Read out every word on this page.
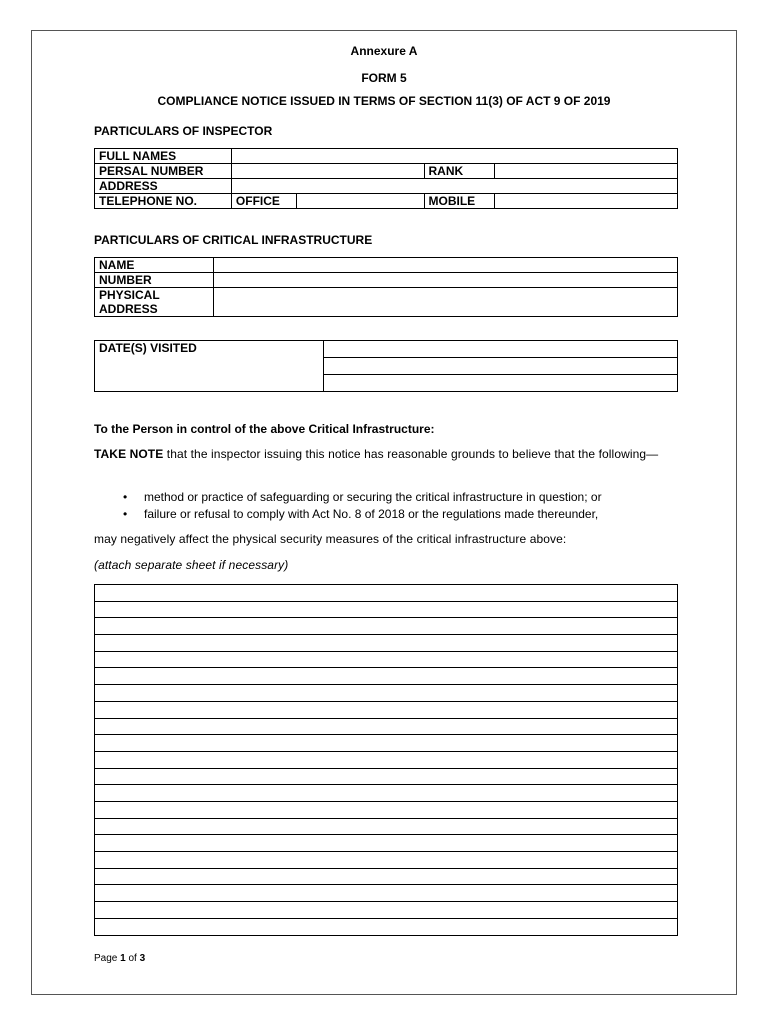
Annexure A
FORM 5
COMPLIANCE NOTICE ISSUED IN TERMS OF SECTION 11(3) OF ACT 9 OF 2019
PARTICULARS OF INSPECTOR
FULL NAMES				
PERSAL NUMBER			RANK	
ADDRESS				
TELEPHONE NO.	OFFICE		MOBILE	
PARTICULARS OF CRITICAL INFRASTRUCTURE
NAME	
NUMBER	

PHYSICAL
ADDRESS	

DATE(S) VISITED	

To the Person in control of the above Critical Infrastructure:
TAKE NOTE that the inspector issuing this notice has reasonable grounds to believe that the following—
• method or practice of safeguarding or securing the critical infrastructure in question; or
• failure or refusal to comply with Act No. 8 of 2018 or the regulations made thereunder,
may negatively affect the physical security measures of the critical infrastructure above:
(attach separate sheet if necessary)
Page 1 of 3
